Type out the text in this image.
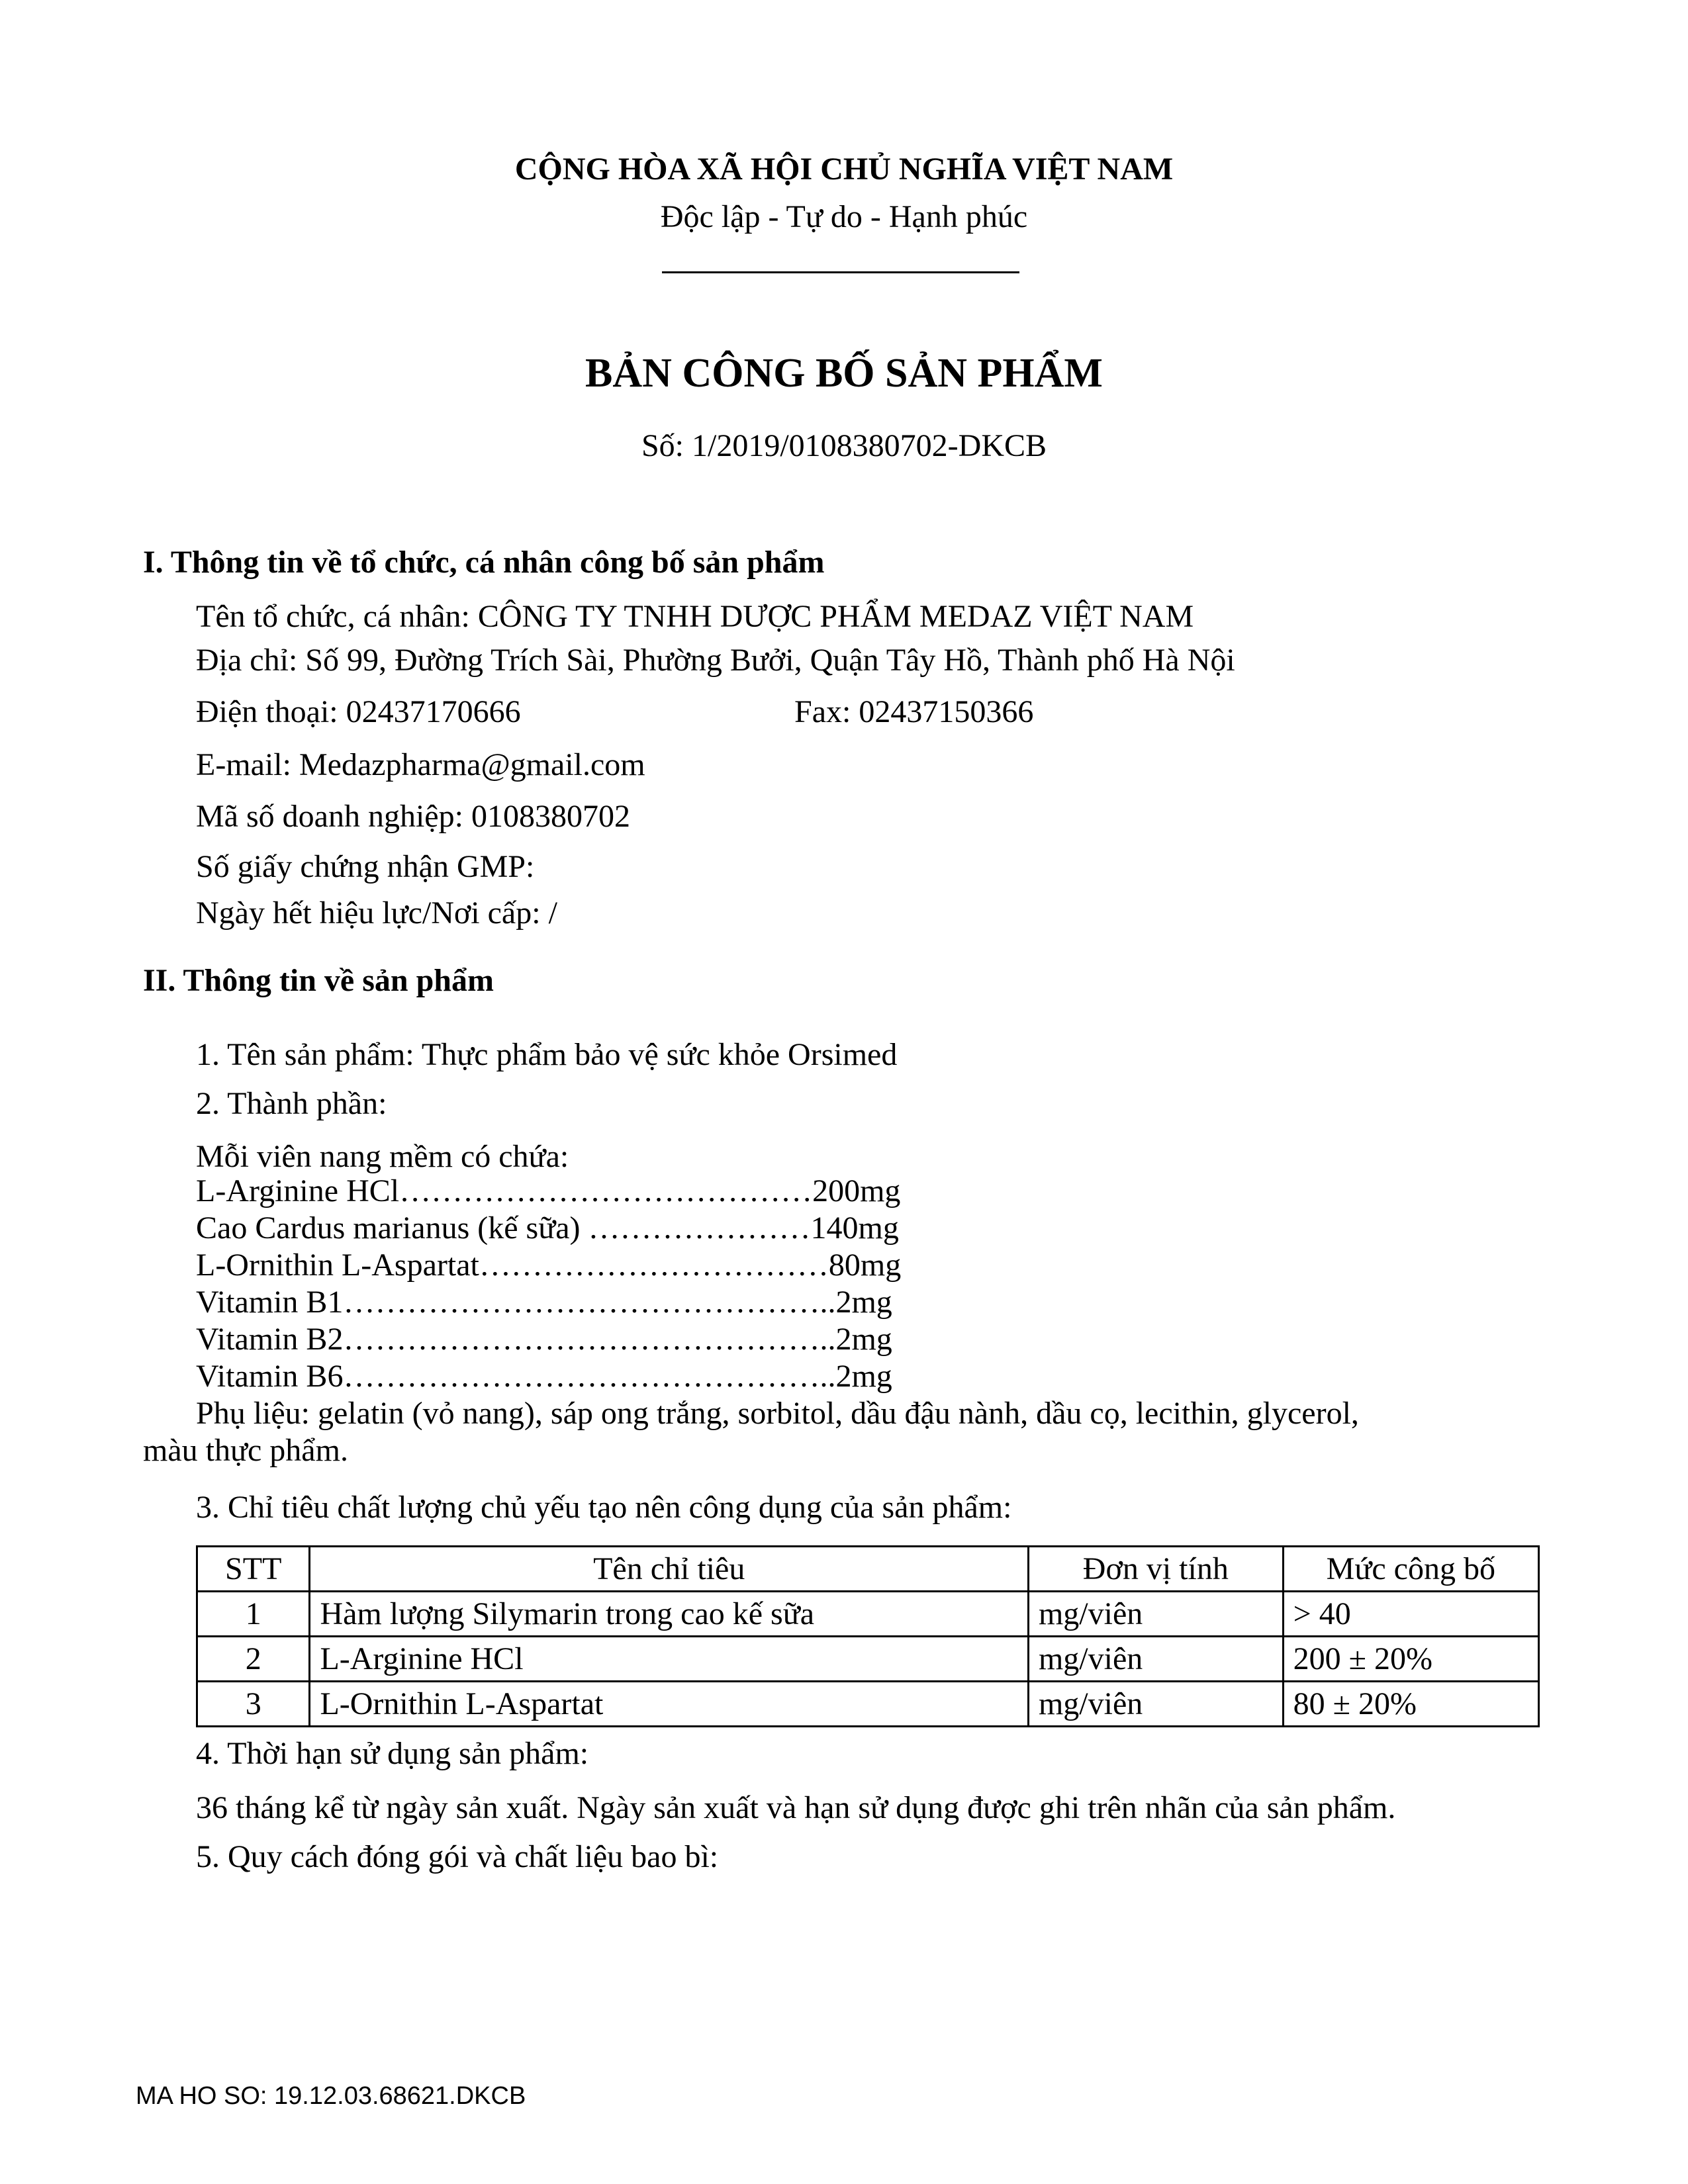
CỘNG HÒA XÃ HỘI CHỦ NGHĨA VIỆT NAM
Độc lập - Tự do - Hạnh phúc
BẢN CÔNG BỐ SẢN PHẨM
Số: 1/2019/0108380702-DKCB
I. Thông tin về tổ chức, cá nhân công bố sản phẩm
Tên tổ chức, cá nhân: CÔNG TY TNHH DƯỢC PHẨM MEDAZ VIỆT NAM
Địa chỉ: Số 99, Đường Trích Sài, Phường Bưởi, Quận Tây Hồ, Thành phố Hà Nội
Điện thoại: 02437170666	Fax: 02437150366
E-mail: Medazpharma@gmail.com
Mã số doanh nghiệp: 0108380702
Số giấy chứng nhận GMP:
Ngày hết hiệu lực/Nơi cấp: /
II. Thông tin về sản phẩm
1. Tên sản phẩm: Thực phẩm bảo vệ sức khỏe Orsimed
2. Thành phần:
Mỗi viên nang mềm có chứa:
L-Arginine HCl…………………………………200mg
Cao Cardus marianus (kế sữa) …………………140mg
L-Ornithin L-Aspartat……………………………80mg
Vitamin B1………………………………………..2mg
Vitamin B2………………………………………..2mg
Vitamin B6………………………………………..2mg
Phụ liệu: gelatin (vỏ nang), sáp ong trắng, sorbitol, dầu đậu nành, dầu cọ, lecithin, glycerol,
màu thực phẩm.
3. Chỉ tiêu chất lượng chủ yếu tạo nên công dụng của sản phẩm:
STT	Tên chỉ tiêu	Đơn vị tính	Mức công bố
1	Hàm lượng Silymarin trong cao kế sữa	mg/viên	> 40
2	L-Arginine HCl	mg/viên	200 ± 20%
3	L-Ornithin L-Aspartat	mg/viên	80 ± 20%
4. Thời hạn sử dụng sản phẩm:
36 tháng kể từ ngày sản xuất. Ngày sản xuất và hạn sử dụng được ghi trên nhãn của sản phẩm.
5. Quy cách đóng gói và chất liệu bao bì:
MA HO SO: 19.12.03.68621.DKCB
